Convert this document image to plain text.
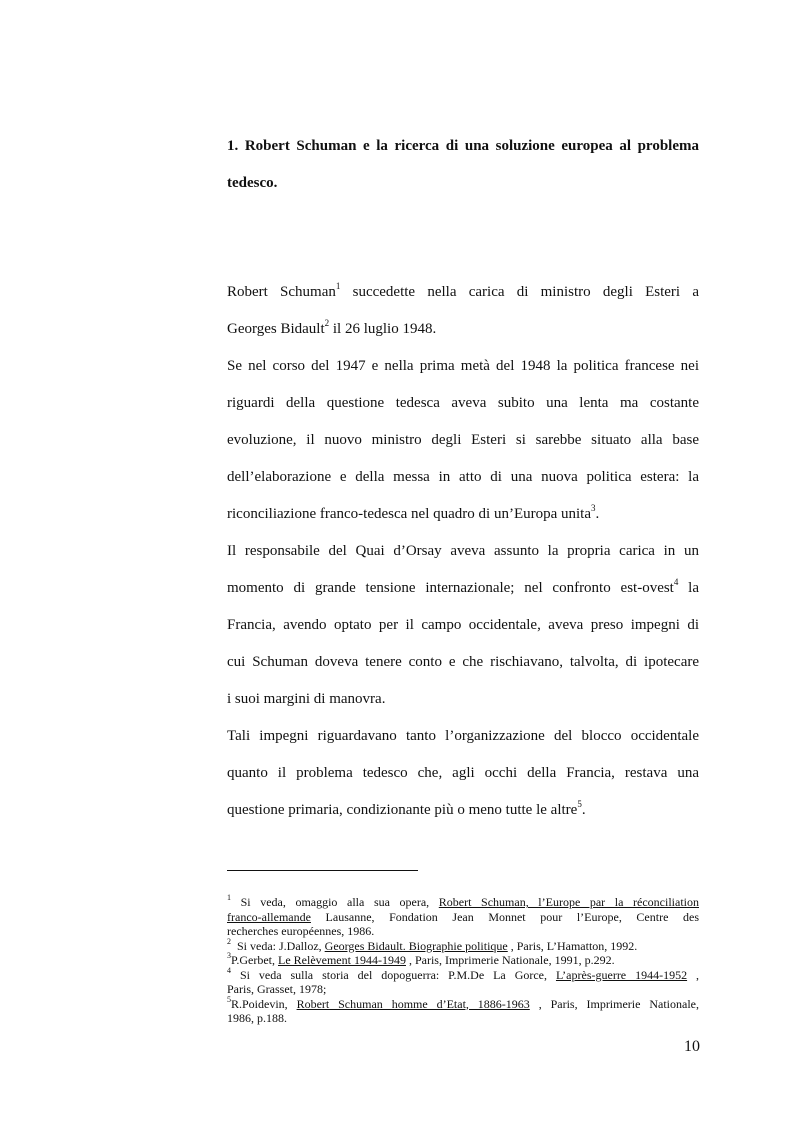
1. Robert Schuman e la ricerca di una soluzione europea al problema
tedesco.

Robert Schuman$^1$ succedette nella carica di ministro degli Esteri a
Georges Bidault$^2$ il 26 luglio 1948.

Se nel corso del 1947 e nella prima metà del 1948 la politica francese nei
riguardi della questione tedesca aveva subito una lenta ma costante
evoluzione, il nuovo ministro degli Esteri si sarebbe situato alla base
dell’elaborazione e della messa in atto di una nuova politica estera: la
riconciliazione franco-tedesca nel quadro di un’Europa unita$^3$.

Il responsabile del Quai d’Orsay aveva assunto la propria carica in un
momento di grande tensione internazionale; nel confronto est-ovest$^4$ la
Francia, avendo optato per il campo occidentale, aveva preso impegni di
cui Schuman doveva tenere conto e che rischiavano, talvolta, di ipotecare
i suoi margini di manovra.

Tali impegni riguardavano tanto l’organizzazione del blocco occidentale
quanto il problema tedesco che, agli occhi della Francia, restava una
questione primaria, condizionante più o meno tutte le altre$^5$.

$^1$ Si veda, omaggio alla sua opera, Robert Schuman, l’Europe par la réconciliation
franco-allemande Lausanne, Fondation Jean Monnet pour l’Europe, Centre des
recherches européennes, 1986.

$^2$ Si veda: J.Dalloz, Georges Bidault. Biographie politique , Paris, L’Hamatton, 1992.

$^3$P.Gerbet, Le Relèvement 1944-1949 , Paris, Imprimerie Nationale, 1991, p.292.

$^4$ Si veda sulla storia del dopoguerra: P.M.De La Gorce, L’après-guerre 1944-1952 ,
Paris, Grasset, 1978;

$^5$R.Poidevin, Robert Schuman homme d’Etat, 1886-1963 , Paris, Imprimerie Nationale,
1986, p.188.

10
